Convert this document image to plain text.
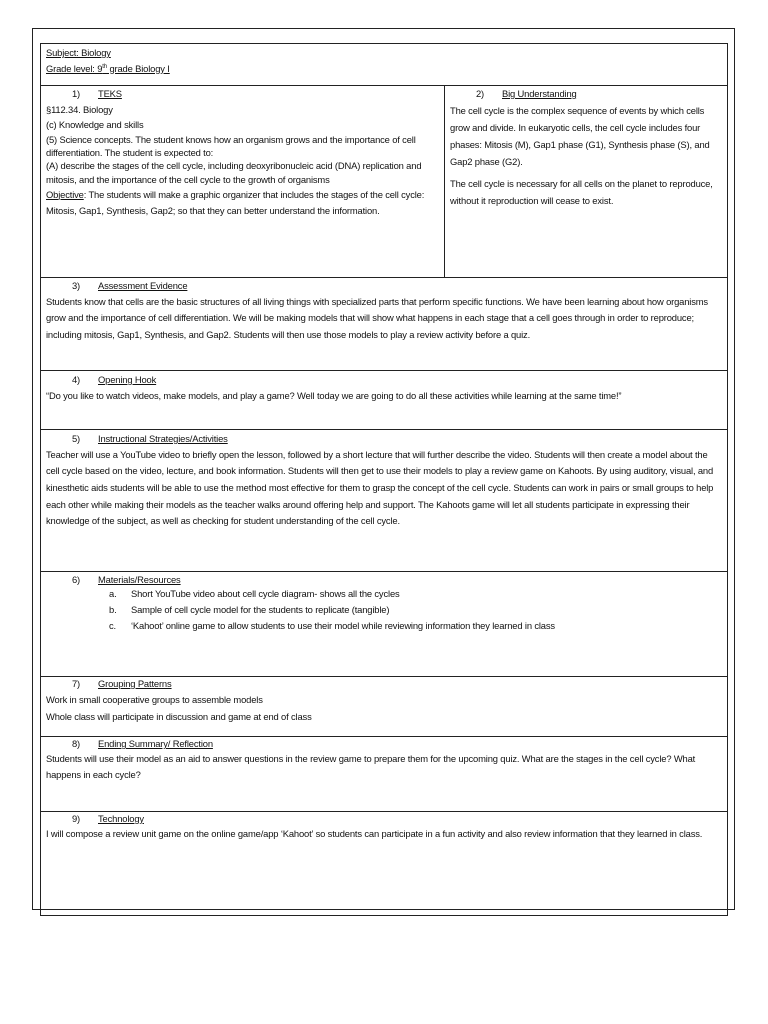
Subject: Biology

Grade level: 9th grade Biology I

1)	TEKS

§112.34. Biology

(c) Knowledge and skills

(5) Science concepts. The student knows how an organism grows and the importance of cell differentiation. The student is expected to:

(A) describe the stages of the cell cycle, including deoxyribonucleic acid (DNA) replication and mitosis, and the importance of the cell cycle to the growth of organisms

Objective: The students will make a graphic organizer that includes the stages of the cell cycle: Mitosis, Gap1, Synthesis, Gap2; so that they can better understand the information.

2)	Big Understanding

The cell cycle is the complex sequence of events by which cells grow and divide. In eukaryotic cells, the cell cycle includes four phases: Mitosis (M), Gap1 phase (G1), Synthesis phase (S), and Gap2 phase (G2).

The cell cycle is necessary for all cells on the planet to reproduce, without it reproduction will cease to exist.

3)	Assessment Evidence

Students know that cells are the basic structures of all living things with specialized parts that perform specific functions. We have been learning about how organisms grow and the importance of cell differentiation. We will be making models that will show what happens in each stage that a cell goes through in order to reproduce; including mitosis, Gap1, Synthesis, and Gap2. Students will then use those models to play a review activity before a quiz.

4)	Opening Hook

“Do you like to watch videos, make models, and play a game? Well today we are going to do all these activities while learning at the same time!”

5)	Instructional Strategies/Activities

Teacher will use a YouTube video to briefly open the lesson, followed by a short lecture that will further describe the video. Students will then create a model about the cell cycle based on the video, lecture, and book information. Students will then get to use their models to play a review game on Kahoots. By using auditory, visual, and kinesthetic aids students will be able to use the method most effective for them to grasp the concept of the cell cycle. Students can work in pairs or small groups to help each other while making their models as the teacher walks around offering help and support. The Kahoots game will let all students participate in expressing their knowledge of the subject, as well as checking for student understanding of the cell cycle.

6)	Materials/Resources
a.	Short YouTube video about cell cycle diagram- shows all the cycles
b.	Sample of cell cycle model for the students to replicate (tangible)
c.	‘Kahoot’ online game to allow students to use their model while reviewing information they learned in class
7)	Grouping Patterns

Work in small cooperative groups to assemble models

Whole class will participate in discussion and game at end of class

8)	Ending Summary/ Reflection

Students will use their model as an aid to answer questions in the review game to prepare them for the upcoming quiz. What are the stages in the cell cycle? What happens in each cycle?

9)	Technology

I will compose a review unit game on the online game/app ‘Kahoot’ so students can participate in a fun activity and also review information that they learned in class.
